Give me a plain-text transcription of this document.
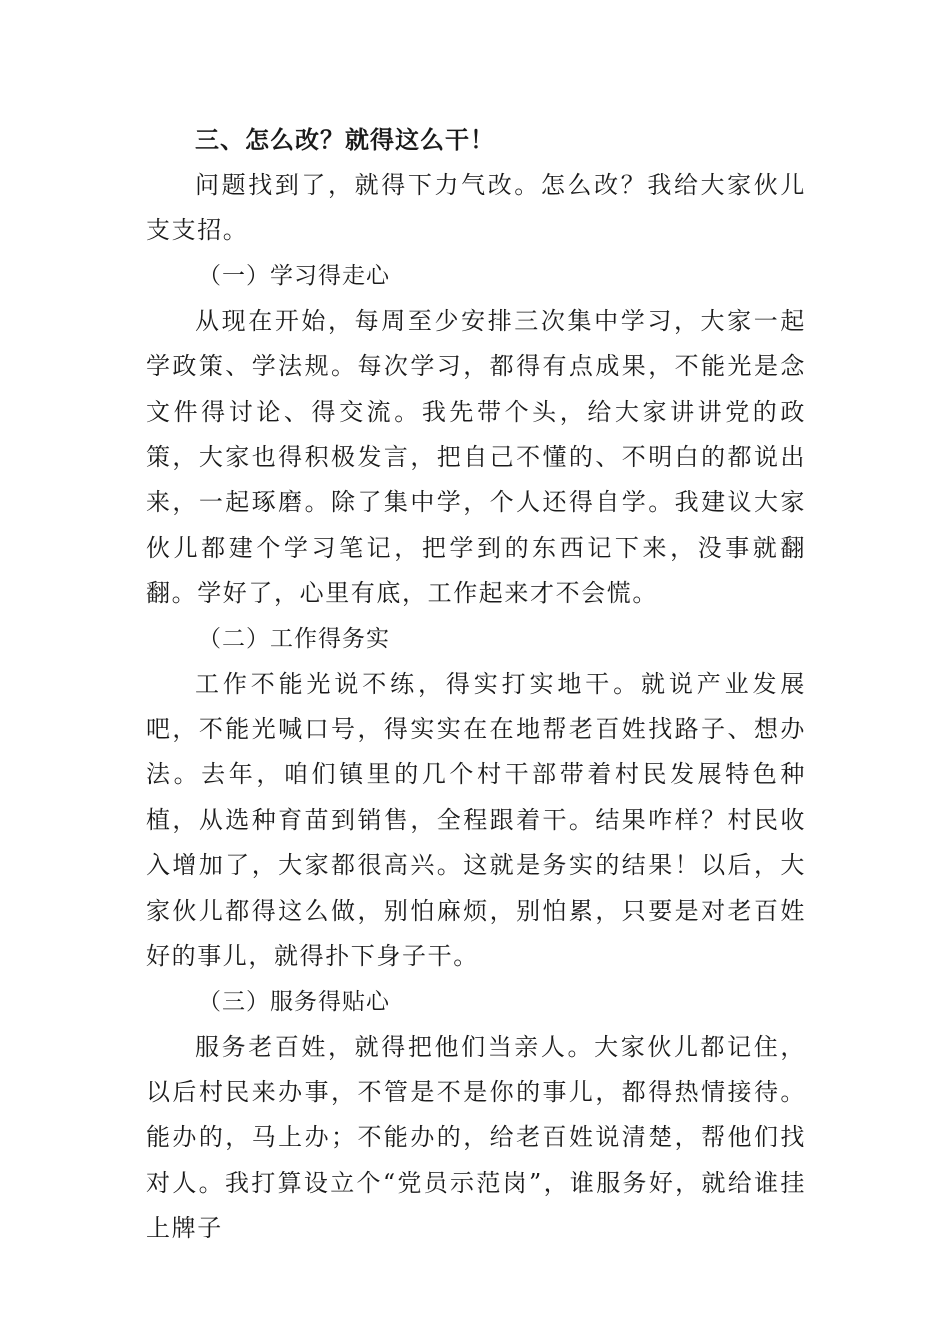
三、怎么改？就得这么干！

问题找到了，就得下力气改。怎么改？我给大家伙儿支支招。

（一）学习得走心

从现在开始，每周至少安排三次集中学习，大家一起学政策、学法规。每次学习，都得有点成果，不能光是念文件得讨论、得交流。我先带个头，给大家讲讲党的政策，大家也得积极发言，把自己不懂的、不明白的都说出来，一起琢磨。除了集中学，个人还得自学。我建议大家伙儿都建个学习笔记，把学到的东西记下来，没事就翻翻。学好了，心里有底，工作起来才不会慌。

（二）工作得务实

工作不能光说不练，得实打实地干。就说产业发展吧，不能光喊口号，得实实在在地帮老百姓找路子、想办法。去年，咱们镇里的几个村干部带着村民发展特色种植，从选种育苗到销售，全程跟着干。结果咋样？村民收入增加了，大家都很高兴。这就是务实的结果！以后，大家伙儿都得这么做，别怕麻烦，别怕累，只要是对老百姓好的事儿，就得扑下身子干。

（三）服务得贴心

服务老百姓，就得把他们当亲人。大家伙儿都记住，以后村民来办事，不管是不是你的事儿，都得热情接待。能办的，马上办；不能办的，给老百姓说清楚，帮他们找对人。我打算设立个“党员示范岗”，谁服务好，就给谁挂上牌子
